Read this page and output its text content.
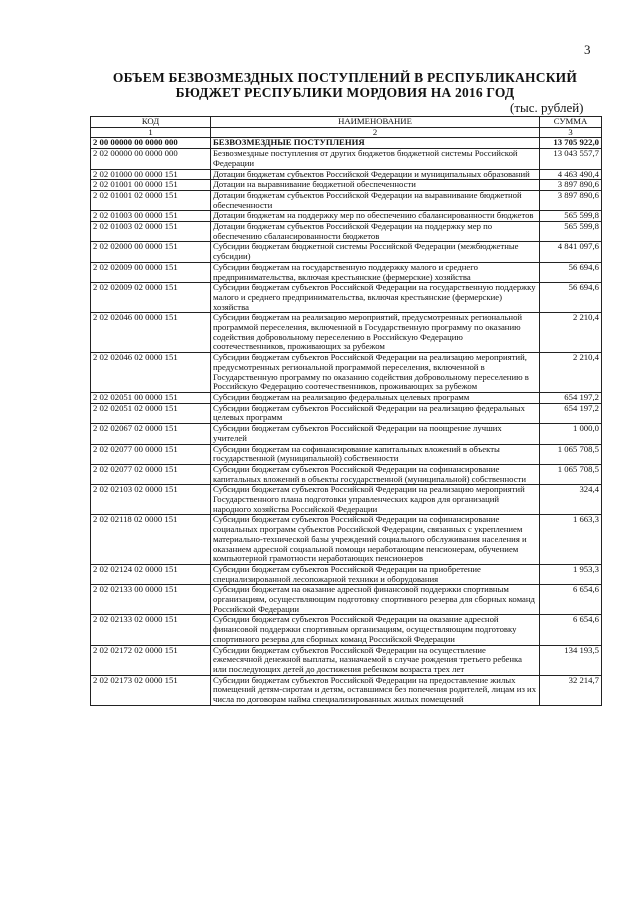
3
ОБЪЕМ БЕЗВОЗМЕЗДНЫХ ПОСТУПЛЕНИЙ В РЕСПУБЛИКАНСКИЙ
БЮДЖЕТ РЕСПУБЛИКИ МОРДОВИЯ НА 2016 ГОД
(тыс. рублей)
КОД	НАИМЕНОВАНИЕ	СУММА
1	2	3
2 00 00000 00 0000 000	БЕЗВОЗМЕЗДНЫЕ ПОСТУПЛЕНИЯ	13 705 922,0
2 02 00000 00 0000 000	Безвозмездные поступления от других бюджетов бюджетной системы Российской Федерации	13 043 557,7
2 02 01000 00 0000 151	Дотации бюджетам субъектов Российской Федерации и муниципальных образований	4 463 490,4
2 02 01001 00 0000 151	Дотации на выравнивание бюджетной обеспеченности	3 897 890,6
2 02 01001 02 0000 151	Дотации бюджетам субъектов Российской Федерации на выравнивание бюджетной обеспеченности	3 897 890,6
2 02 01003 00 0000 151	Дотации бюджетам на поддержку мер по обеспечению сбалансированности бюджетов	565 599,8
2 02 01003 02 0000 151	Дотации бюджетам субъектов Российской Федерации на поддержку мер по обеспечению сбалансированности бюджетов	565 599,8
2 02 02000 00 0000 151	Субсидии бюджетам бюджетной системы Российской Федерации (межбюджетные субсидии)	4 841 097,6
2 02 02009 00 0000 151	Субсидии бюджетам на государственную поддержку малого и среднего предпринимательства, включая крестьянские (фермерские) хозяйства	56 694,6
2 02 02009 02 0000 151	Субсидии бюджетам субъектов Российской Федерации на государственную поддержку малого и среднего предпринимательства, включая крестьянские (фермерские) хозяйства	56 694,6
2 02 02046 00 0000 151	Субсидии бюджетам на реализацию мероприятий, предусмотренных региональной программой переселения, включенной в Государственную программу по оказанию содействия добровольному переселению в Российскую Федерацию соотечественников, проживающих за рубежом	2 210,4
2 02 02046 02 0000 151	Субсидии бюджетам субъектов Российской Федерации на реализацию мероприятий, предусмотренных региональной программой переселения, включенной в Государственную программу по оказанию содействия добровольному переселению в Российскую Федерацию соотечественников, проживающих за рубежом	2 210,4
2 02 02051 00 0000 151	Субсидии бюджетам на реализацию федеральных целевых программ	654 197,2
2 02 02051 02 0000 151	Субсидии бюджетам субъектов Российской Федерации на реализацию федеральных целевых программ	654 197,2
2 02 02067 02 0000 151	Субсидии бюджетам субъектов Российской Федерации на поощрение лучших учителей	1 000,0
2 02 02077 00 0000 151	Субсидии бюджетам на софинансирование капитальных вложений в объекты государственной (муниципальной) собственности	1 065 708,5
2 02 02077 02 0000 151	Субсидии бюджетам субъектов Российской Федерации на софинансирование капитальных вложений в объекты государственной (муниципальной) собственности	1 065 708,5
2 02 02103 02 0000 151	Субсидии бюджетам субъектов Российской Федерации на реализацию мероприятий Государственного плана подготовки управленческих кадров для организаций народного хозяйства Российской Федерации	324,4
2 02 02118 02 0000 151	Субсидии бюджетам субъектов Российской Федерации на софинансирование социальных программ субъектов Российской Федерации, связанных с укреплением материально-технической базы учреждений социального обслуживания населения и оказанием адресной социальной помощи неработающим пенсионерам, обучением компьютерной грамотности неработающих пенсионеров	1 663,3
2 02 02124 02 0000 151	Субсидии бюджетам субъектов Российской Федерации на приобретение специализированной лесопожарной техники и оборудования	1 953,3
2 02 02133 00 0000 151	Субсидии бюджетам на оказание адресной финансовой поддержки спортивным организациям, осуществляющим подготовку спортивного резерва для сборных команд Российской Федерации	6 654,6
2 02 02133 02 0000 151	Субсидии бюджетам субъектов Российской Федерации на оказание адресной финансовой поддержки спортивным организациям, осуществляющим подготовку спортивного резерва для сборных команд Российской Федерации	6 654,6
2 02 02172 02 0000 151	Субсидии бюджетам субъектов Российской Федерации на осуществление ежемесячной денежной выплаты, назначаемой в случае рождения третьего ребенка или последующих детей до достижения ребенком возраста трех лет	134 193,5
2 02 02173 02 0000 151	Субсидии бюджетам субъектов Российской Федерации на предоставление жилых помещений детям-сиротам и детям, оставшимся без попечения родителей, лицам из их числа по договорам найма специализированных жилых помещений	32 214,7
